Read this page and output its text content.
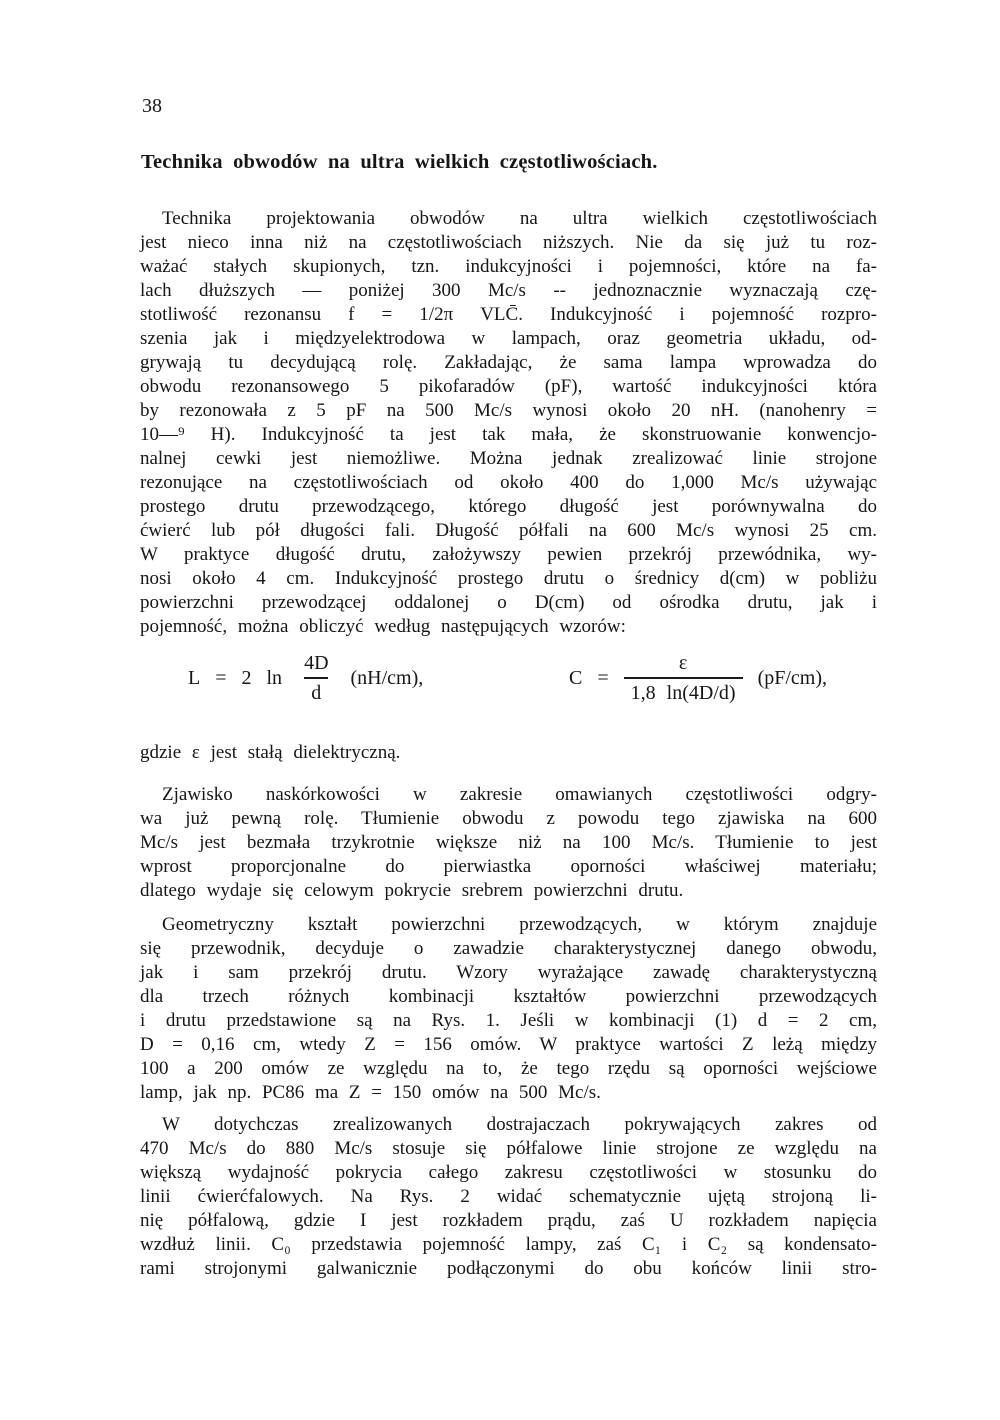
38
Technika obwodów na ultra wielkich częstotliwościach.
Technika projektowania obwodów na ultra wielkich częstotliwościach
jest nieco inna niż na częstotliwościach niższych. Nie da się już tu roz-
ważać stałych skupionych, tzn. indukcyjności i pojemności, które na fa-
lach dłuższych — poniżej 300 Mc/s -- jednoznacznie wyznaczają czę-
stotliwość rezonansu f = 1/2π VLC̄. Indukcyjność i pojemność rozpro-
szenia jak i międzyelektrodowa w lampach, oraz geometria układu, od-
grywają tu decydującą rolę. Zakładając, że sama lampa wprowadza do
obwodu rezonansowego 5 pikofaradów (pF), wartość indukcyjności która
by rezonowała z 5 pF na 500 Mc/s wynosi około 20 nH. (nanohenry =
10—⁹ H). Indukcyjność ta jest tak mała, że skonstruowanie konwencjo-
nalnej cewki jest niemożliwe. Można jednak zrealizować linie strojone
rezonujące na częstotliwościach od około 400 do 1,000 Mc/s używając
prostego drutu przewodzącego, którego długość jest porównywalna do
ćwierć lub pół długości fali. Długość półfali na 600 Mc/s wynosi 25 cm.
W praktyce długość drutu, założywszy pewien przekrój przewódnika, wy-
nosi około 4 cm. Indukcyjność prostego drutu o średnicy d(cm) w pobliżu
powierzchni przewodzącej oddalonej o D(cm) od ośrodka drutu, jak i
pojemność, można obliczyć według następujących wzorów:
L = 2 $\ln \frac{4D}{d} (nH/cm)$,	$C = \frac{\varepsilon}{1,8 \ln(4D/d)} (pF/cm)$,
gdzie ε jest stałą dielektryczną.
Zjawisko naskórkowości w zakresie omawianych częstotliwości odgry-
wa już pewną rolę. Tłumienie obwodu z powodu tego zjawiska na 600
Mc/s jest bezmała trzykrotnie większe niż na 100 Mc/s. Tłumienie to jest
wprost proporcjonalne do pierwiastka oporności właściwej materiału;
dlatego wydaje się celowym pokrycie srebrem powierzchni drutu.
Geometryczny kształt powierzchni przewodzących, w którym znajduje
się przewodnik, decyduje o zawadzie charakterystycznej danego obwodu,
jak i sam przekrój drutu. Wzory wyrażające zawadę charakterystyczną
dla trzech różnych kombinacji kształtów powierzchni przewodzących
i drutu przedstawione są na Rys. 1. Jeśli w kombinacji (1) d = 2 cm,
D = 0,16 cm, wtedy Z = 156 omów. W praktyce wartości Z leżą między
100 a 200 omów ze względu na to, że tego rzędu są oporności wejściowe
lamp, jak np. PC86 ma Z = 150 omów na 500 Mc/s.
W dotychczas zrealizowanych dostrajaczach pokrywających zakres od
470 Mc/s do 880 Mc/s stosuje się półfalowe linie strojone ze względu na
większą wydajność pokrycia całego zakresu częstotliwości w stosunku do
linii ćwierćfalowych. Na Rys. 2 widać schematycznie ujętą strojoną li-
nię półfalową, gdzie I jest rozkładem prądu, zaś U rozkładem napięcia
wzdłuż linii. C₀ przedstawia pojemność lampy, zaś C₁ i C₂ są kondensato-
rami strojonymi galwanicznie podłączonymi do obu końców linii stro-
